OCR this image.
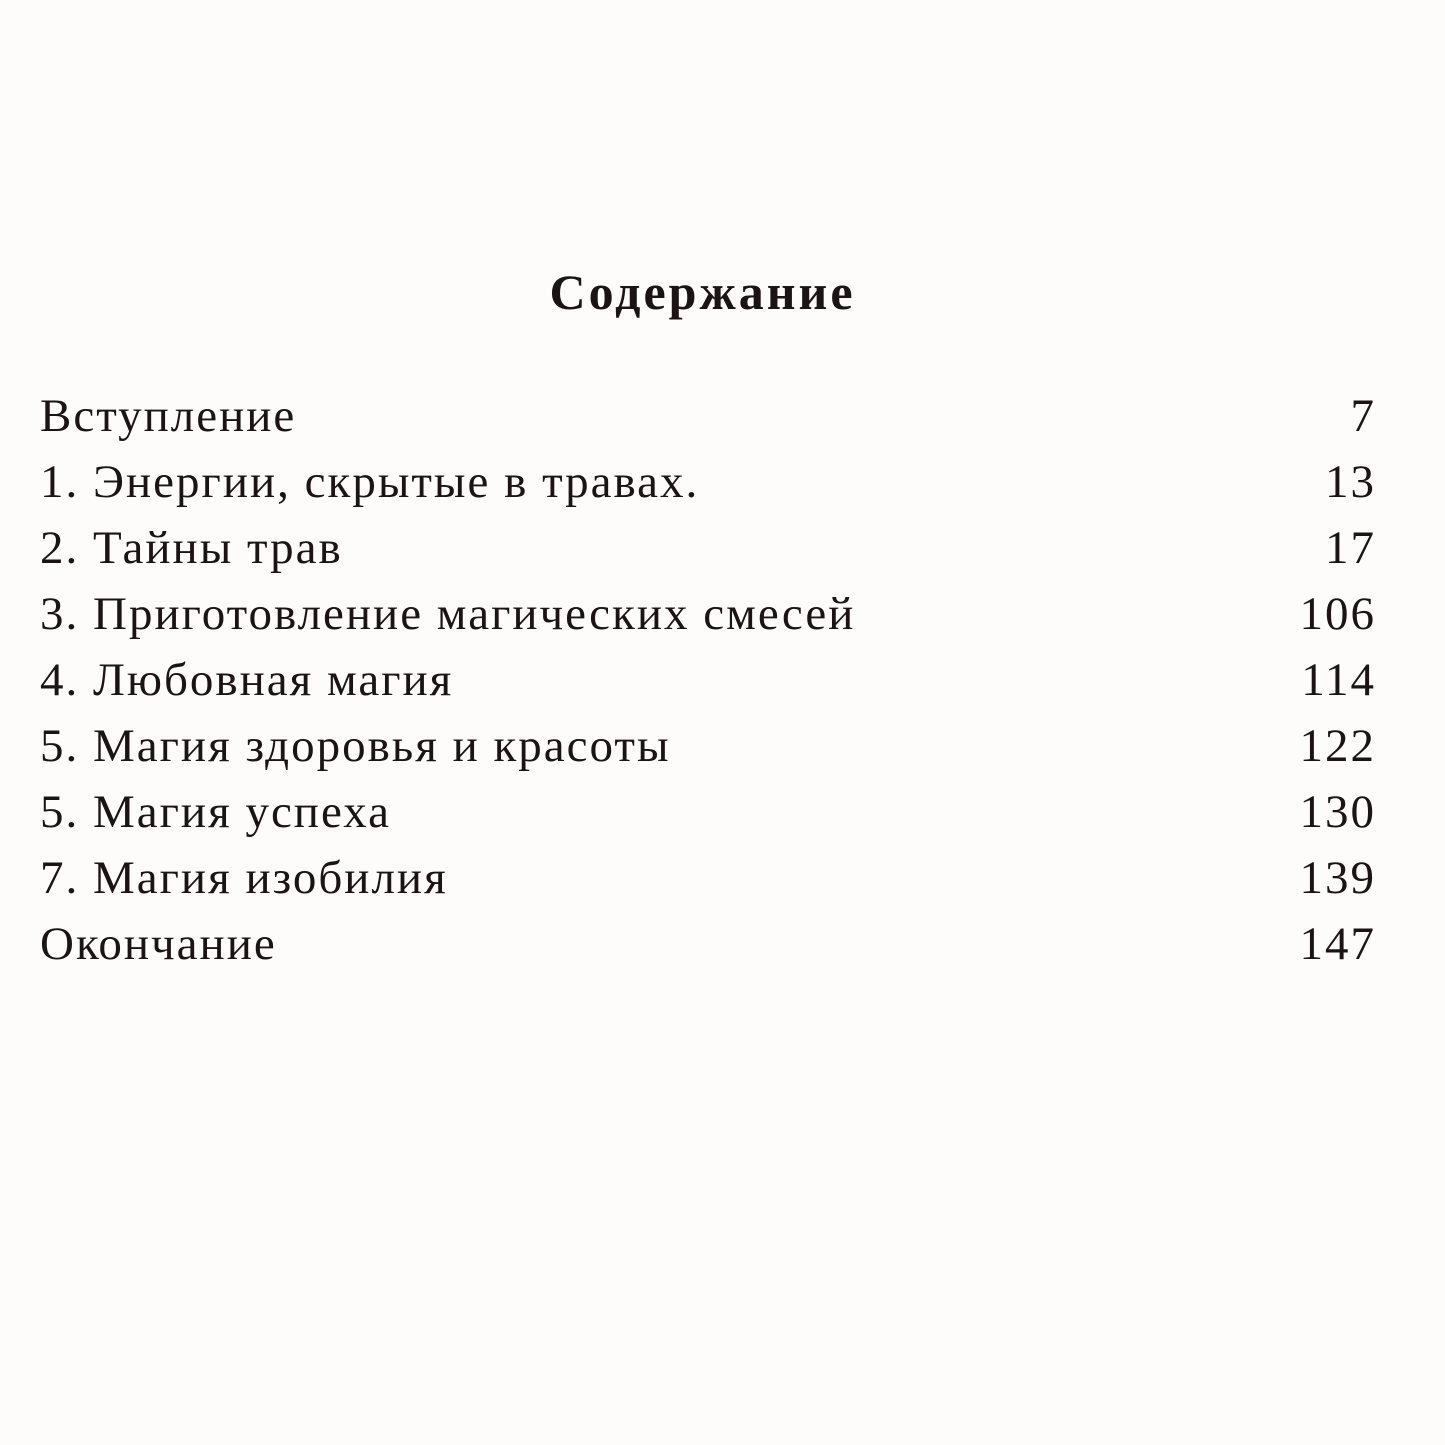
Содержание
Вступление	7
1. Энергии, скрытые в травах.	13
2. Тайны трав	17
3. Приготовление магических смесей	106
4. Любовная магия	114
5. Магия здоровья и красоты	122
5. Магия успеха	130
7. Магия изобилия	139
Окончание	147
